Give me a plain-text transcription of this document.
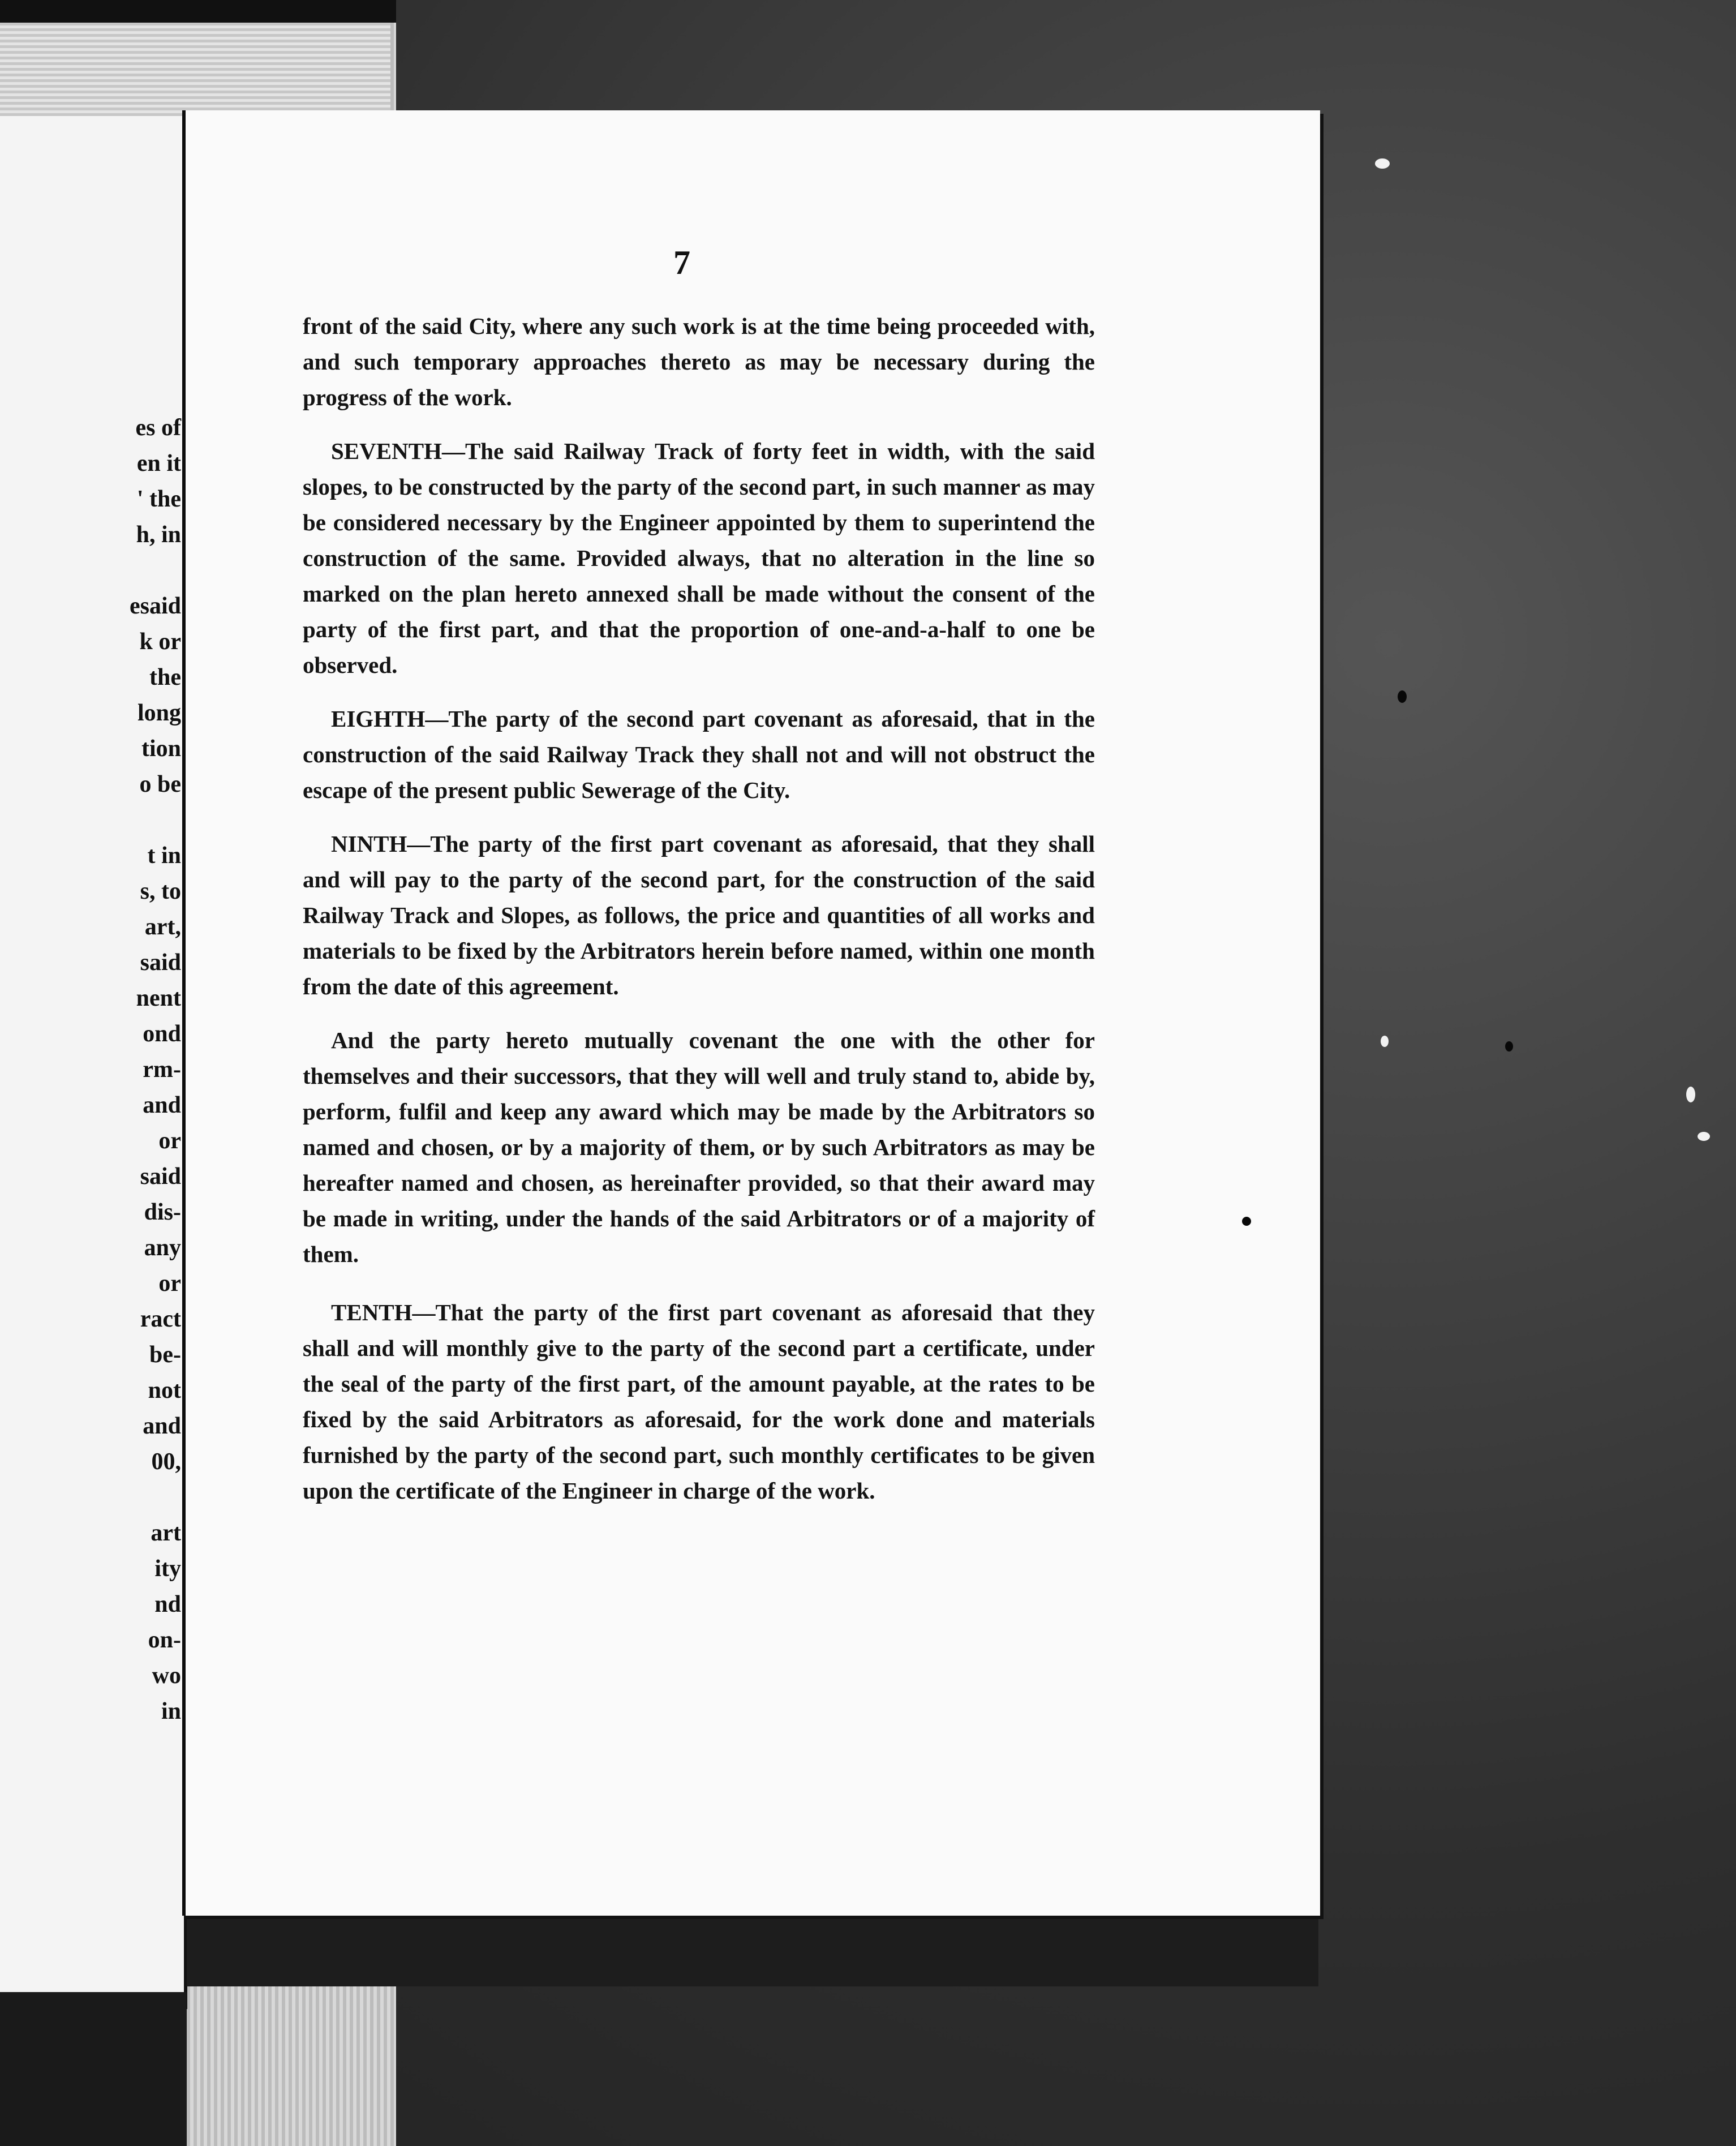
es of
en it
' the
h, in

esaid
k or
the
long
tion
o be

t in
s, to
art,
said
nent
ond
rm-
and
or
said
dis-
any
or
ract
be-
not
and
00,

art
ity
nd
on-
wo
in
7

front of the said City, where any such work is at the time being proceeded with, and such temporary approaches thereto as may be necessary during the progress of the work.

SEVENTH—The said Railway Track of forty feet in width, with the said slopes, to be constructed by the party of the second part, in such manner as may be considered necessary by the Engineer appointed by them to superintend the construction of the same. Provided always, that no alteration in the line so marked on the plan hereto annexed shall be made without the consent of the party of the first part, and that the proportion of one-and-a-half to one be observed.

EIGHTH—The party of the second part covenant as aforesaid, that in the construction of the said Railway Track they shall not and will not obstruct the escape of the present public Sewerage of the City.

NINTH—The party of the first part covenant as aforesaid, that they shall and will pay to the party of the second part, for the construction of the said Railway Track and Slopes, as follows, the price and quantities of all works and materials to be fixed by the Arbitrators herein before named, within one month from the date of this agreement.

And the party hereto mutually covenant the one with the other for themselves and their successors, that they will well and truly stand to, abide by, perform, fulfil and keep any award which may be made by the Arbitrators so named and chosen, or by a majority of them, or by such Arbitrators as may be hereafter named and chosen, as hereinafter provided, so that their award may be made in writing, under the hands of the said Arbitrators or of a majority of them.

TENTH—That the party of the first part covenant as aforesaid that they shall and will monthly give to the party of the second part a certificate, under the seal of the party of the first part, of the amount payable, at the rates to be fixed by the said Arbitrators as aforesaid, for the work done and materials furnished by the party of the second part, such monthly certificates to be given upon the certificate of the Engineer in charge of the work.
